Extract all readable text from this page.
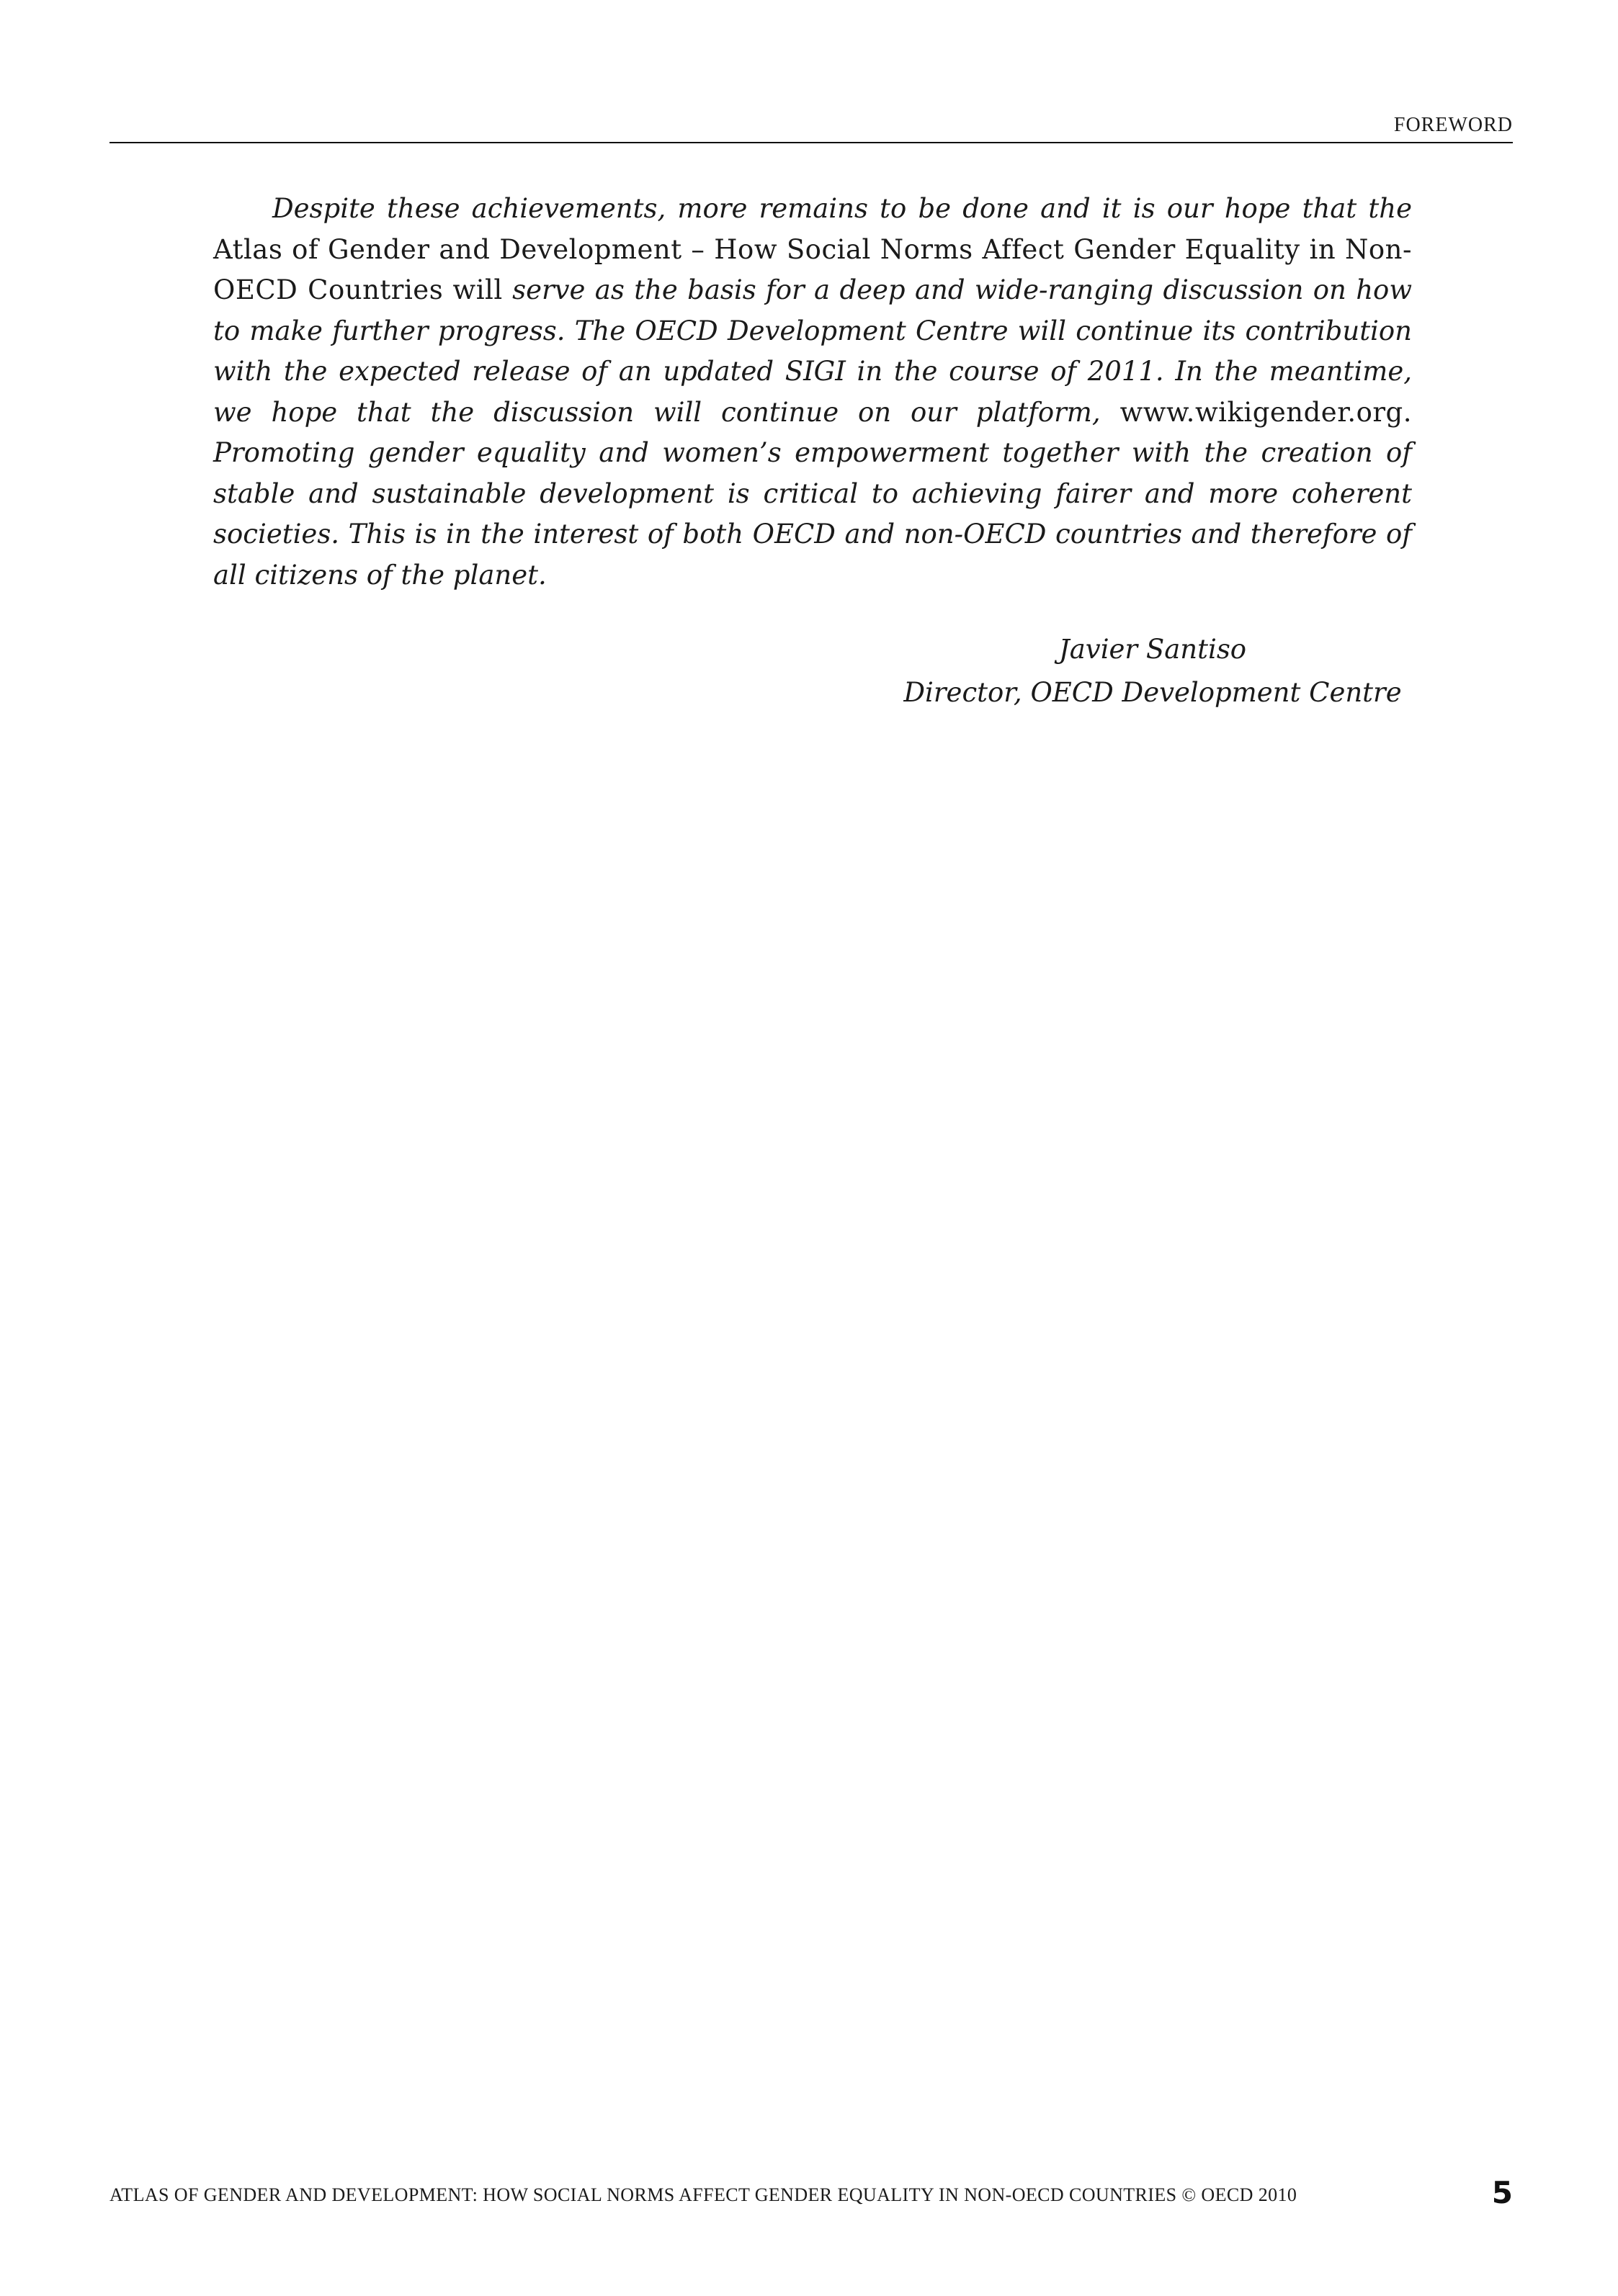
FOREWORD

Despite these achievements, more remains to be done and it is our hope that the Atlas of Gender and Development – How Social Norms Affect Gender Equality in Non-OECD Countries will serve as the basis for a deep and wide-ranging discussion on how to make further progress. The OECD Development Centre will continue its contribution with the expected release of an updated SIGI in the course of 2011. In the meantime, we hope that the discussion will continue on our platform, www.wikigender.org. Promoting gender equality and women’s empowerment together with the creation of stable and sustainable development is critical to achieving fairer and more coherent societies. This is in the interest of both OECD and non-OECD countries and therefore of all citizens of the planet.

Javier Santiso
Director, OECD Development Centre
ATLAS OF GENDER AND DEVELOPMENT: HOW SOCIAL NORMS AFFECT GENDER EQUALITY IN NON-OECD COUNTRIES © OECD 2010	5
